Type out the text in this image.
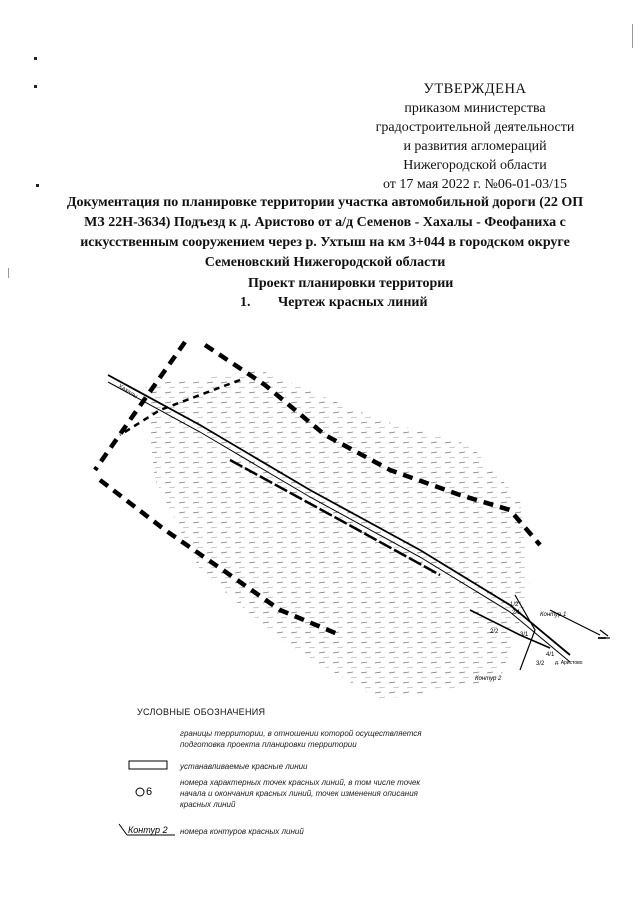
УТВЕРЖДЕНА
приказом министерства
градостроительной деятельности
и развития агломераций
Нижегородской области
от 17 мая 2022 г. №06-01-03/15
Документация по планировке территории участка автомобильной дороги (22 ОП МЗ 22Н-3634) Подъезд к д. Аристово от а/д Семенов - Хахалы - Феофаниха с искусственным сооружением через р. Ухтыш на км 3+044 в городском округе Семеновский Нижегородской области
Проект планировки территории
1. Чертеж красных линий
Хахалы
Контур 1
Контур 2
д. Аристово
1/2
2/1
2/2	3/1
3/2
4/1
УСЛОВНЫЕ ОБОЗНАЧЕНИЯ
границы территории, в отношении которой осуществляется подготовка проекта планировки территории
устанавливаемые красные линии
6
номера характерных точек красных линий, в том числе точек начала и окончания красных линий, точек изменения описания красных линий
Контур 2 номера контуров красных линий
